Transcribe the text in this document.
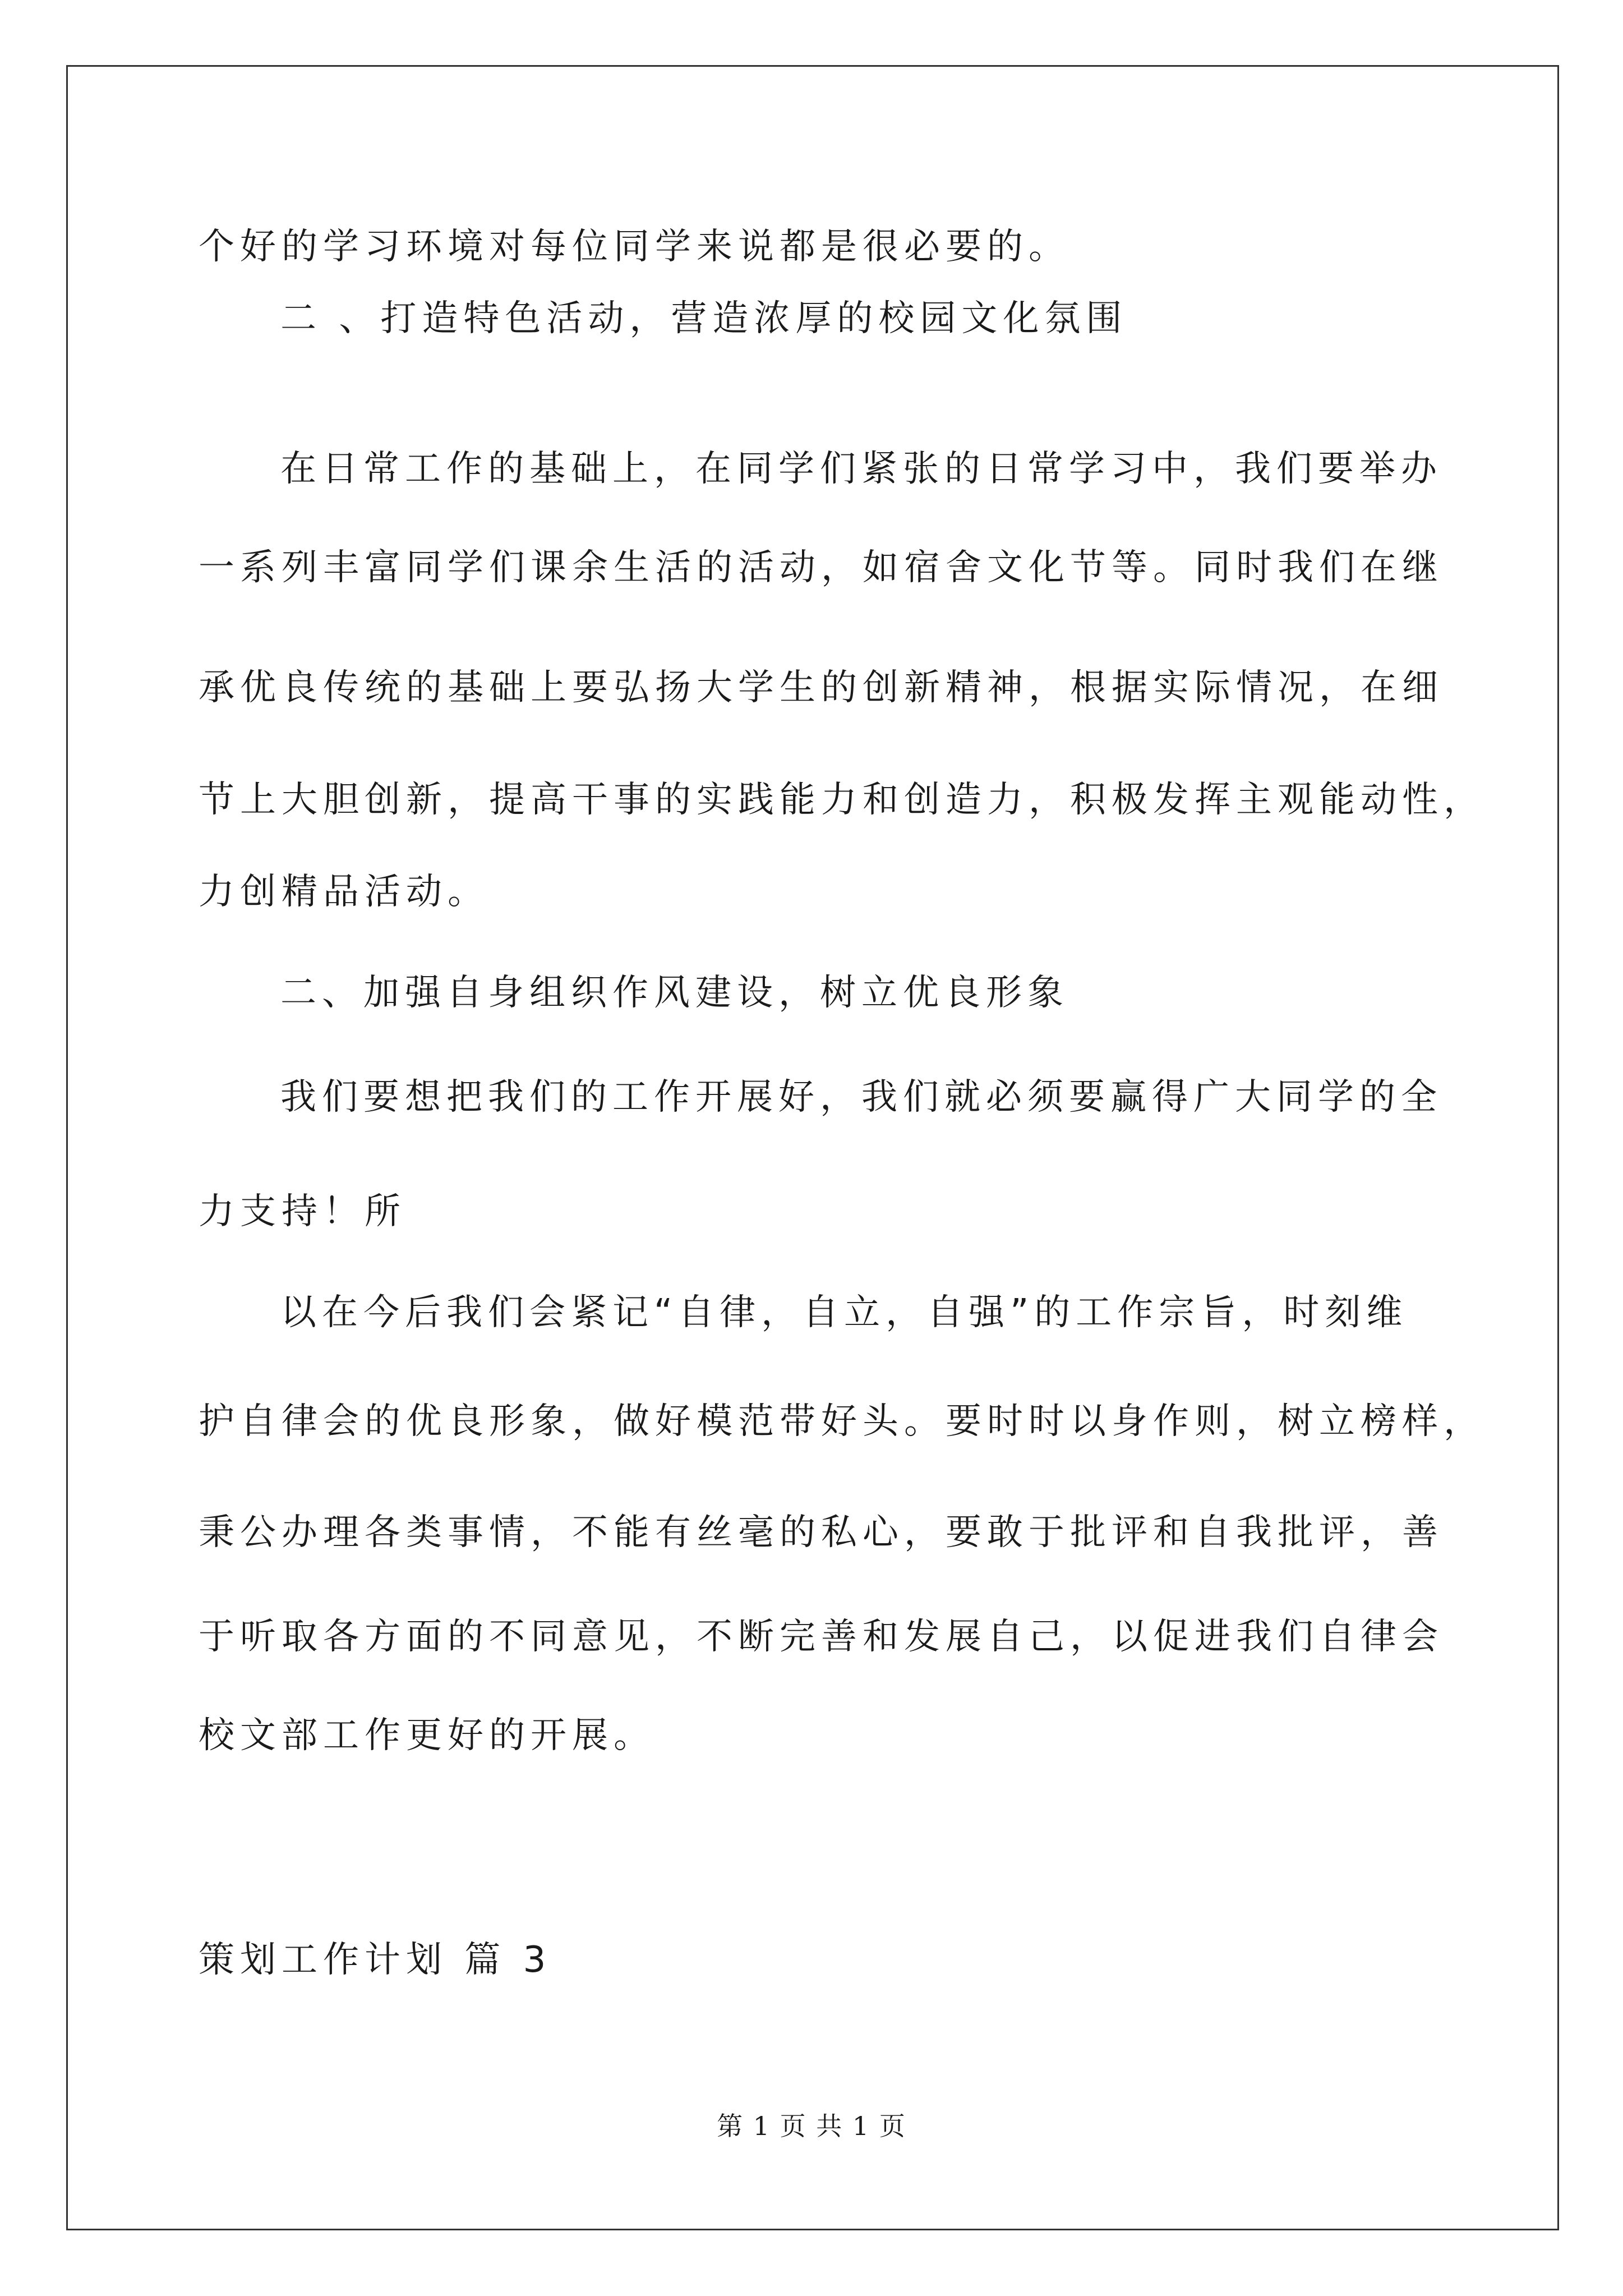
个好的学习环境对每位同学来说都是很必要的。
二 、打造特色活动，营造浓厚的校园文化氛围
在日常工作的基础上，在同学们紧张的日常学习中，我们要举办
一系列丰富同学们课余生活的活动，如宿舍文化节等。同时我们在继
承优良传统的基础上要弘扬大学生的创新精神，根据实际情况，在细
节上大胆创新，提高干事的实践能力和创造力，积极发挥主观能动性，
力创精品活动。
二、加强自身组织作风建设，树立优良形象
我们要想把我们的工作开展好，我们就必须要赢得广大同学的全
力支持！所
以在今后我们会紧记“自律，自立，自强”的工作宗旨，时刻维
护自律会的优良形象，做好模范带好头。要时时以身作则，树立榜样，
秉公办理各类事情，不能有丝毫的私心，要敢于批评和自我批评，善
于听取各方面的不同意见，不断完善和发展自己，以促进我们自律会
校文部工作更好的开展。
策划工作计划 篇 3
第 1 页 共 1 页
